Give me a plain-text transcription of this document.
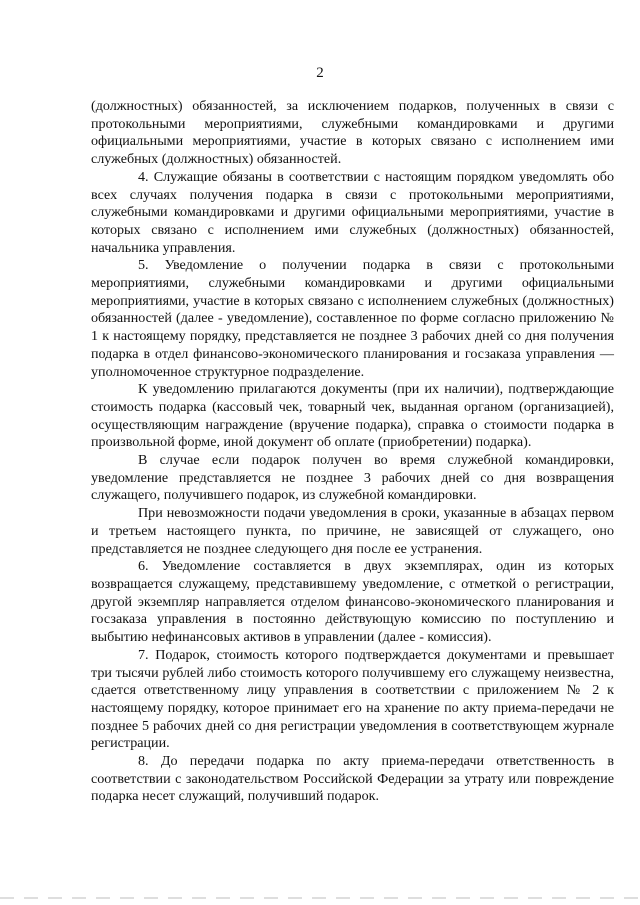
2

(должностных) обязанностей, за исключением подарков, полученных в связи с протокольными мероприятиями, служебными командировками и другими официальными мероприятиями, участие в которых связано с исполнением ими служебных (должностных) обязанностей.

4. Служащие обязаны в соответствии с настоящим порядком уведомлять обо всех случаях получения подарка в связи с протокольными мероприятиями, служебными командировками и другими официальными мероприятиями, участие в которых связано с исполнением ими служебных (должностных) обязанностей, начальника управления.

5. Уведомление о получении подарка в связи с протокольными мероприятиями, служебными командировками и другими официальными мероприятиями, участие в которых связано с исполнением служебных (должностных) обязанностей (далее - уведомление), составленное по форме согласно приложению № 1 к настоящему порядку, представляется не позднее 3 рабочих дней со дня получения подарка в отдел финансово-экономического планирования и госзаказа управления — уполномоченное структурное подразделение.

К уведомлению прилагаются документы (при их наличии), подтверждающие стоимость подарка (кассовый чек, товарный чек, выданная органом (организацией), осуществляющим награждение (вручение подарка), справка о стоимости подарка в произвольной форме, иной документ об оплате (приобретении) подарка).

В случае если подарок получен во время служебной командировки, уведомление представляется не позднее 3 рабочих дней со дня возвращения служащего, получившего подарок, из служебной командировки.

При невозможности подачи уведомления в сроки, указанные в абзацах первом и третьем настоящего пункта, по причине, не зависящей от служащего, оно представляется не позднее следующего дня после ее устранения.

6. Уведомление составляется в двух экземплярах, один из которых возвращается служащему, представившему уведомление, с отметкой о регистрации, другой экземпляр направляется отделом финансово-экономического планирования и госзаказа управления в постоянно действующую комиссию по поступлению и выбытию нефинансовых активов в управлении (далее - комиссия).

7. Подарок, стоимость которого подтверждается документами и превышает три тысячи рублей либо стоимость которого получившему его служащему неизвестна, сдается ответственному лицу управления в соответствии с приложением № 2 к настоящему порядку, которое принимает его на хранение по акту приема-передачи не позднее 5 рабочих дней со дня регистрации уведомления в соответствующем журнале регистрации.

8. До передачи подарка по акту приема-передачи ответственность в соответствии с законодательством Российской Федерации за утрату или повреждение подарка несет служащий, получивший подарок.
